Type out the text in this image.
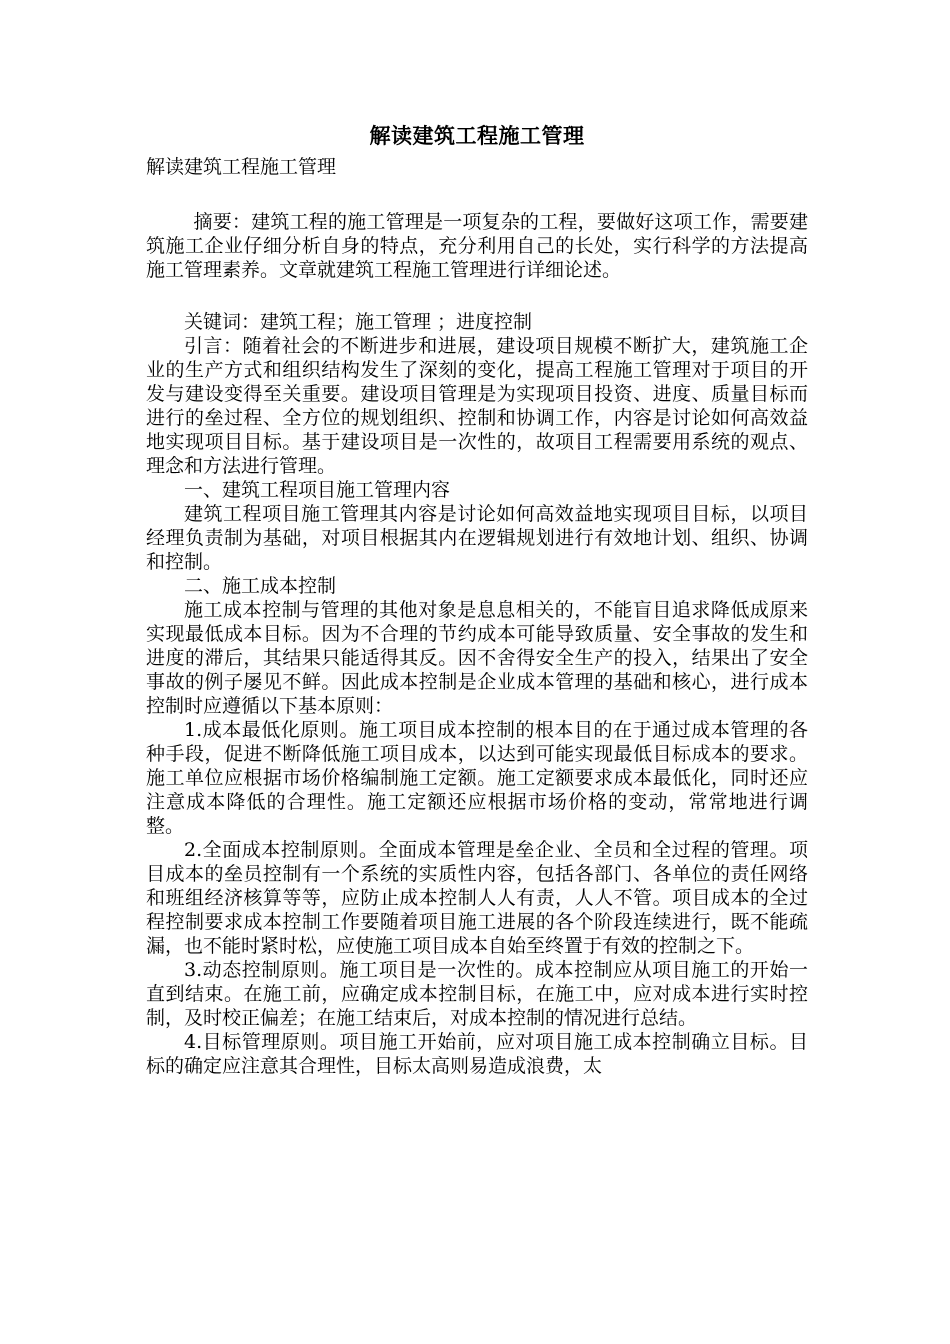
解读建筑工程施工管理
解读建筑工程施工管理

摘要：建筑工程的施工管理是一项复杂的工程，要做好这项工作，需要建筑施工企业仔细分析自身的特点，充分利用自己的长处，实行科学的方法提高施工管理素养。文章就建筑工程施工管理进行详细论述。

关键词：建筑工程；施工管理 ；进度控制

引言：随着社会的不断进步和进展，建设项目规模不断扩大，建筑施工企业的生产方式和组织结构发生了深刻的变化，提高工程施工管理对于项目的开发与建设变得至关重要。建设项目管理是为实现项目投资、进度、质量目标而进行的垒过程、全方位的规划组织、控制和协调工作，内容是讨论如何高效益地实现项目目标。基于建设项目是一次性的，故项目工程需要用系统的观点、理念和方法进行管理。

一、建筑工程项目施工管理内容

建筑工程项目施工管理其内容是讨论如何高效益地实现项目目标，以项目经理负责制为基础，对项目根据其内在逻辑规划进行有效地计划、组织、协调和控制。

二、施工成本控制

施工成本控制与管理的其他对象是息息相关的，不能盲目追求降低成原来实现最低成本目标。因为不合理的节约成本可能导致质量、安全事故的发生和进度的滞后，其结果只能适得其反。因不舍得安全生产的投入，结果出了安全事故的例子屡见不鲜。因此成本控制是企业成本管理的基础和核心，进行成本控制时应遵循以下基本原则：

1.成本最低化原则。施工项目成本控制的根本目的在于通过成本管理的各种手段，促进不断降低施工项目成本，以达到可能实现最低目标成本的要求。施工单位应根据市场价格编制施工定额。施工定额要求成本最低化，同时还应注意成本降低的合理性。施工定额还应根据市场价格的变动，常常地进行调整。

2.全面成本控制原则。全面成本管理是垒企业、全员和全过程的管理。项目成本的垒员控制有一个系统的实质性内容，包括各部门、各单位的责任网络和班组经济核算等等，应防止成本控制人人有责，人人不管。项目成本的全过程控制要求成本控制工作要随着项目施工进展的各个阶段连续进行，既不能疏漏，也不能时紧时松，应使施工项目成本自始至终置于有效的控制之下。

3.动态控制原则。施工项目是一次性的。成本控制应从项目施工的开始一直到结束。在施工前，应确定成本控制目标，在施工中，应对成本进行实时控制，及时校正偏差；在施工结束后，对成本控制的情况进行总结。

4.目标管理原则。项目施工开始前，应对项目施工成本控制确立目标。目标的确定应注意其合理性，目标太高则易造成浪费，太
